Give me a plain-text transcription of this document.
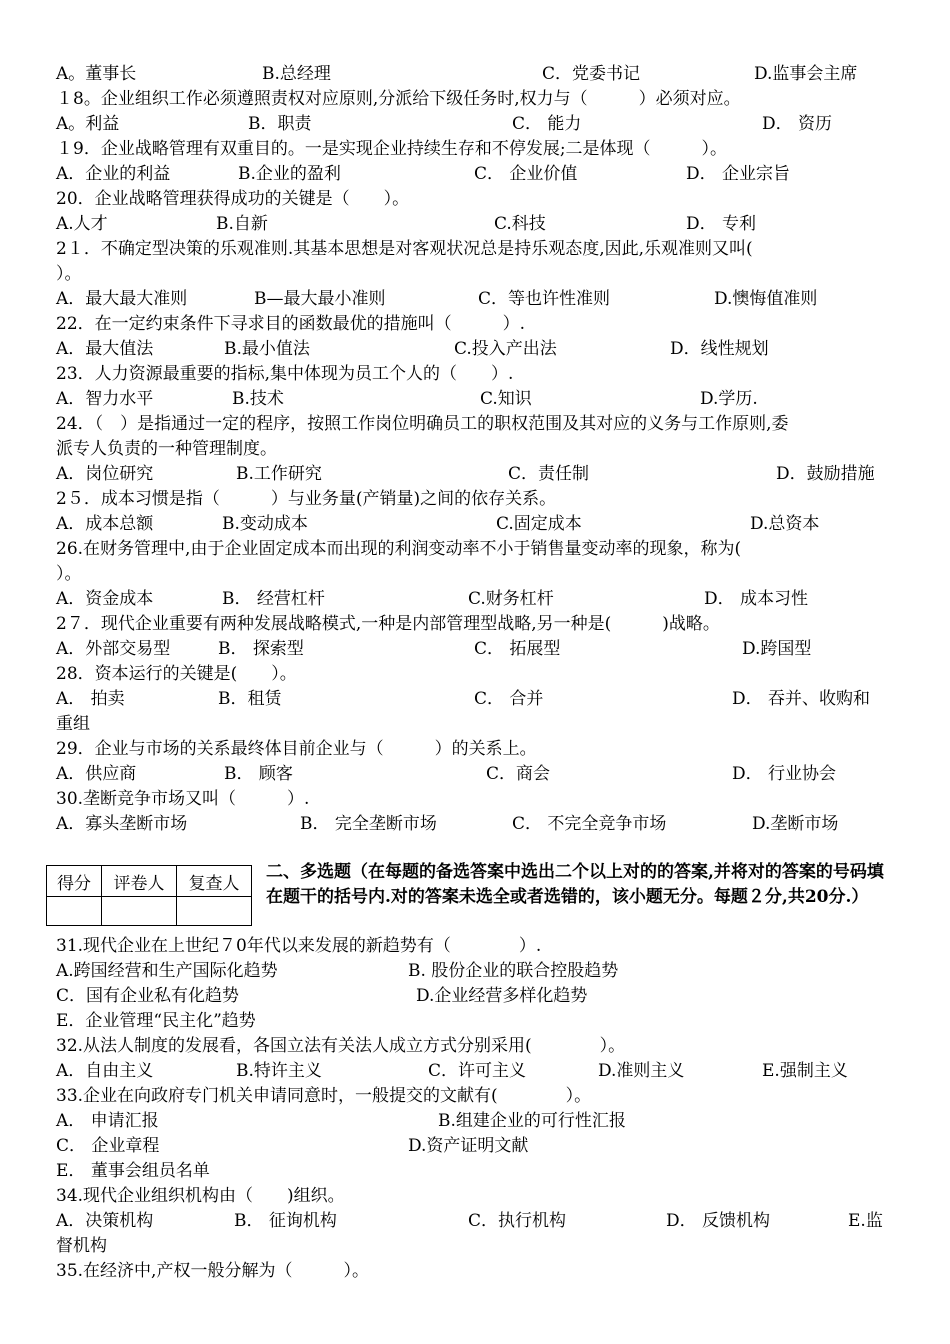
A。董事长	B.总经理	C．党委书记	D.监事会主席
１8。企业组织工作必须遵照责权对应原则,分派给下级任务时,权力与（　　　）必须对应。
A。利益	B．职责	C． 能力	D． 资历
１9．企业战略管理有双重目的。一是实现企业持续生存和不停发展;二是体现（　　　）。
A．企业的利益	B.企业的盈利	C． 企业价值	D． 企业宗旨
20．企业战略管理获得成功的关键是（　　）。
A.人才	B.自新	C.科技	D． 专利
2１．不确定型决策的乐观准则.其基本思想是对客观状况总是持乐观态度,因此,乐观准则又叫(
）。
A．最大最大准则	B—最大最小准则	C．等也许性准则	D.懊悔值准则
22．在一定约束条件下寻求目的函数最优的措施叫（　　　）.
A．最大值法	B.最小值法	C.投入产出法	D．线性规划
23．人力资源最重要的指标,集中体现为员工个人的（　　）.
A．智力水平	B.技术	C.知识	D.学历.
24．（　）是指通过一定的程序，按照工作岗位明确员工的职权范围及其对应的义务与工作原则,委
派专人负责的一种管理制度。
A．岗位研究	B.工作研究	C．责任制	D．鼓励措施
2５．成本习惯是指（　　　）与业务量(产销量)之间的依存关系。
A．成本总额	B.变动成本	C.固定成本	D.总资本
26.在财务管理中,由于企业固定成本而出现的利润变动率不小于销售量变动率的现象，称为(
）。
A．资金成本	B． 经营杠杆	C.财务杠杆	D． 成本习性
2７．现代企业重要有两种发展战略模式,一种是内部管理型战略,另一种是(　　　)战略。
A．外部交易型	B． 探索型	C． 拓展型	D.跨国型
28．资本运行的关键是(　　）。
A． 拍卖	B．租赁	C． 合并	D． 吞并、收购和
重组
29．企业与市场的关系最终体目前企业与（　　　）的关系上。
A．供应商	B． 顾客	C．商会	D． 行业协会
30.垄断竞争市场又叫（　　　）.
A．寡头垄断市场	B． 完全垄断市场	C． 不完全竞争市场	D.垄断市场
得分	评卷人	复查人

二、多选题（在每题的备选答案中选出二个以上对的的答案,并将对的答案的号码填在题干的括号内.对的答案未选全或者选错的，该小题无分。每题２分,共20分.）
31.现代企业在上世纪７0年代以来发展的新趋势有（　　　　）.
A.跨国经营和生产国际化趋势	B. 股份企业的联合控股趋势
C．国有企业私有化趋势	D.企业经营多样化趋势
E．企业管理“民主化”趋势
32.从法人制度的发展看，各国立法有关法人成立方式分别采用(　　　　）。
A．自由主义	B.特许主义	C．许可主义	D.准则主义	E.强制主义
33.企业在向政府专门机关申请同意时，一般提交的文献有(　　　　）。
A． 申请汇报	B.组建企业的可行性汇报
C． 企业章程	D.资产证明文献
E． 董事会组员名单
34.现代企业组织机构由（　　)组织。
A．决策机构	B． 征询机构	C．执行机构	D． 反馈机构	E.监
督机构
35.在经济中,产权一般分解为（　　　）。
